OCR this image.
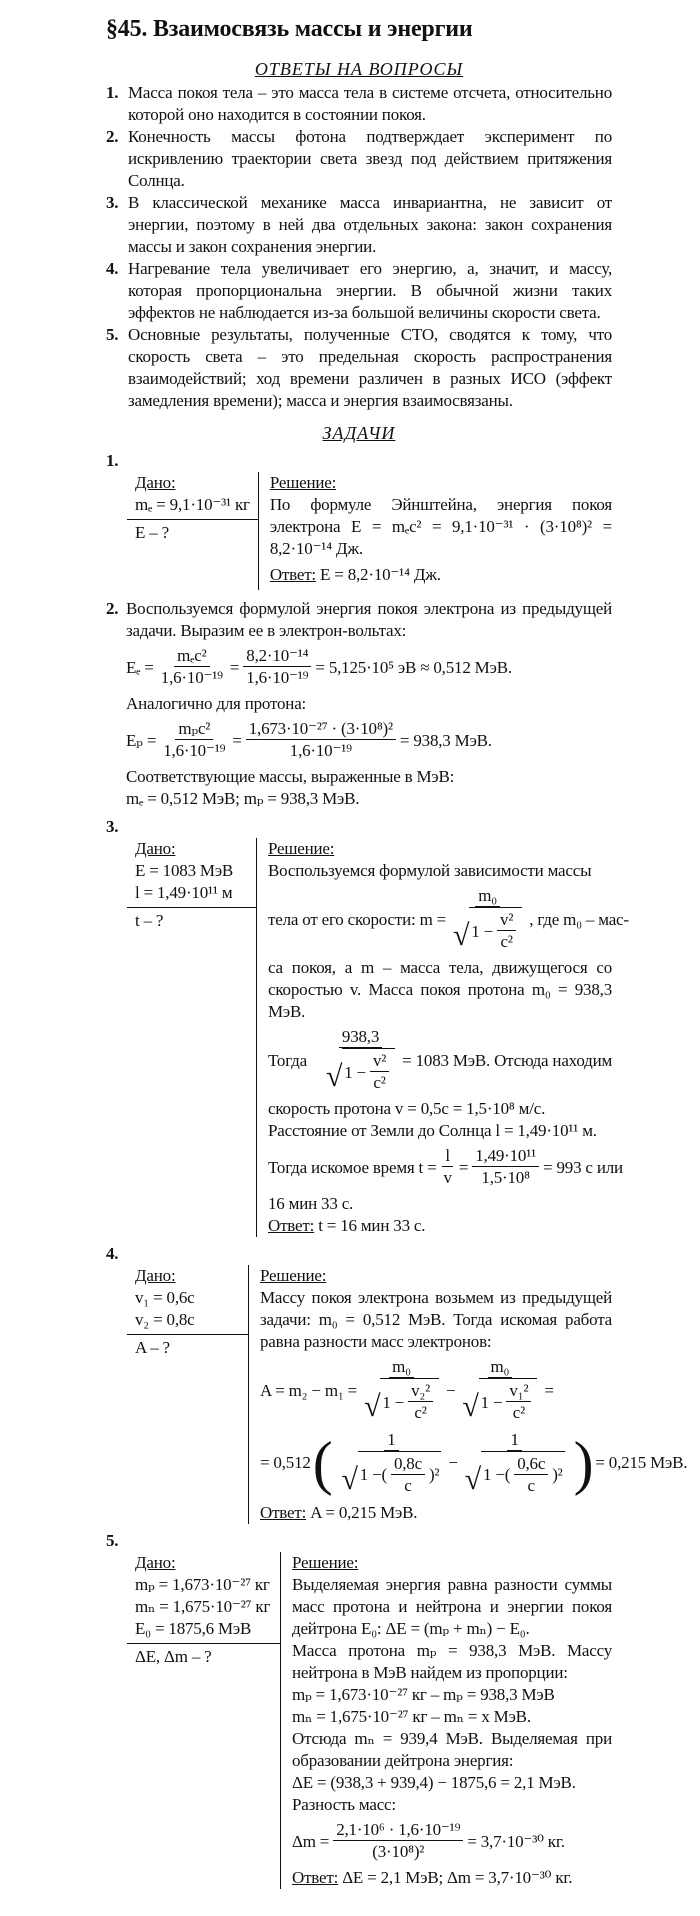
§45. Взаимосвязь массы и энергии
ОТВЕТЫ НА ВОПРОСЫ
1. Масса покоя тела – это масса тела в системе отсчета, относительно которой оно находится в состоянии покоя.
2. Конечность массы фотона подтверждает эксперимент по искривлению траектории света звезд под действием притяжения Солнца.
3. В классической механике масса инвариантна, не зависит от энергии, поэтому в ней два отдельных закона: закон сохранения массы и закон сохранения энергии.
4. Нагревание тела увеличивает его энергию, а, значит, и массу, которая пропорциональна энергии. В обычной жизни таких эффектов не наблюдается из-за большой величины скорости света.
5. Основные результаты, полученные СТО, сводятся к тому, что скорость света – это предельная скорость распространения взаимодействий; ход времени различен в разных ИСО (эффект замедления времени); масса и энергия взаимосвязаны.
ЗАДАЧИ
1.
Дано:
mₑ = 9,1·10⁻³¹ кг
E – ?
Решение:
По формуле Эйнштейна, энергия покоя электрона E = mₑc² = 9,1·10⁻³¹ · (3·10⁸)² = 8,2·10⁻¹⁴ Дж.
Ответ: E = 8,2·10⁻¹⁴ Дж.
2. Воспользуемся формулой энергия покоя электрона из предыдущей задачи. Выразим ее в электрон-вольтах:
$E_e = \frac{\text{mₑc²}}{\text{1,6·10⁻¹⁹}} = \frac{\text{8,2·10⁻¹⁴}}{\text{1,6·10⁻¹⁹}} = 5,125\cdot 10^5$ эВ ≈ 0,512 МэВ.
Аналогично для протона:
$E_p = \frac{\text{mₚc²}}{\text{1,6·10⁻¹⁹}} = \frac{\text{1,673·10⁻²⁷ · (3·10⁸)²}}{\text{1,6·10⁻¹⁹}} = 938,3$ МэВ.
Соответствующие массы, выраженные в МэВ:
mₑ = 0,512 МэВ; mₚ = 938,3 МэВ.
3.
Дано:
E = 1083 МэВ
l = 1,49·10¹¹ м
t – ?
Решение:
Воспользуемся формулой зависимости массы
тела от его скорости: $m = \frac{\text{m₀}}{√ 1 - \frac{\text{v²}}{\text{c²}}}$ , где m₀ – мас-
са покоя, а m – масса тела, движущегося со скоростью v. Масса покоя протона m₀ = 938,3 МэВ.
Тогда $\frac{938,3}{√ 1 - \frac{\text{v²}}{\text{c²}}} = 1083$ МэВ. Отсюда находим
скорость протона v = 0,5c = 1,5·10⁸ м/с.
Расстояние от Земли до Солнца l = 1,49·10¹¹ м.
Тогда искомое время $t = \frac{l}{v} = \frac{\text{1,49·10¹¹}}{\text{1,5·10⁸}} = 993$ с или
16 мин 33 с.
Ответ: t = 16 мин 33 с.
4.
Дано:
v₁ = 0,6c
v₂ = 0,8c
A – ?
Решение:
Массу покоя электрона возьмем из предыдущей задачи: m₀ = 0,512 МэВ. Тогда искомая работа равна разности масс электронов:
$A = m_2 - m_1 = \frac{\text{m₀}}{√ 1 - \frac{\text{v₂²}}{\text{c²}}} - \frac{\text{m₀}}{√ 1 - \frac{\text{v₁²}}{\text{c²}}}$ =
= 0,512 ( $\frac{1}{√ 1 - ( \frac{0,8c}{c} ) ^2} - \frac{1}{√ 1 - ( \frac{0,6c}{c} ) ^2}$ ) = 0,215 МэВ.
Ответ: A = 0,215 МэВ.
5.
Дано:
mₚ = 1,673·10⁻²⁷ кг
mₙ = 1,675·10⁻²⁷ кг
E₀ = 1875,6 МэВ
ΔE, Δm – ?
Решение:
Выделяемая энергия равна разности суммы масс протона и нейтрона и энергии покоя дейтрона E₀: ΔE = (mₚ + mₙ) − E₀.
Масса протона mₚ = 938,3 МэВ. Массу нейтрона в МэВ найдем из пропорции:
mₚ = 1,673·10⁻²⁷ кг – mₚ = 938,3 МэВ
mₙ = 1,675·10⁻²⁷ кг – mₙ = x МэВ.
Отсюда mₙ = 939,4 МэВ. Выделяемая при образовании дейтрона энергия:
ΔE = (938,3 + 939,4) − 1875,6 = 2,1 МэВ.
Разность масс:
$\Delta m = \frac{\text{2,1·10⁶ · 1,6·10⁻¹⁹}}{\text{(3·10⁸)²}} = 3,7\cdot 10^{-30}$ кг.
Ответ: ΔE = 2,1 МэВ; Δm = 3,7·10⁻³⁰ кг.
